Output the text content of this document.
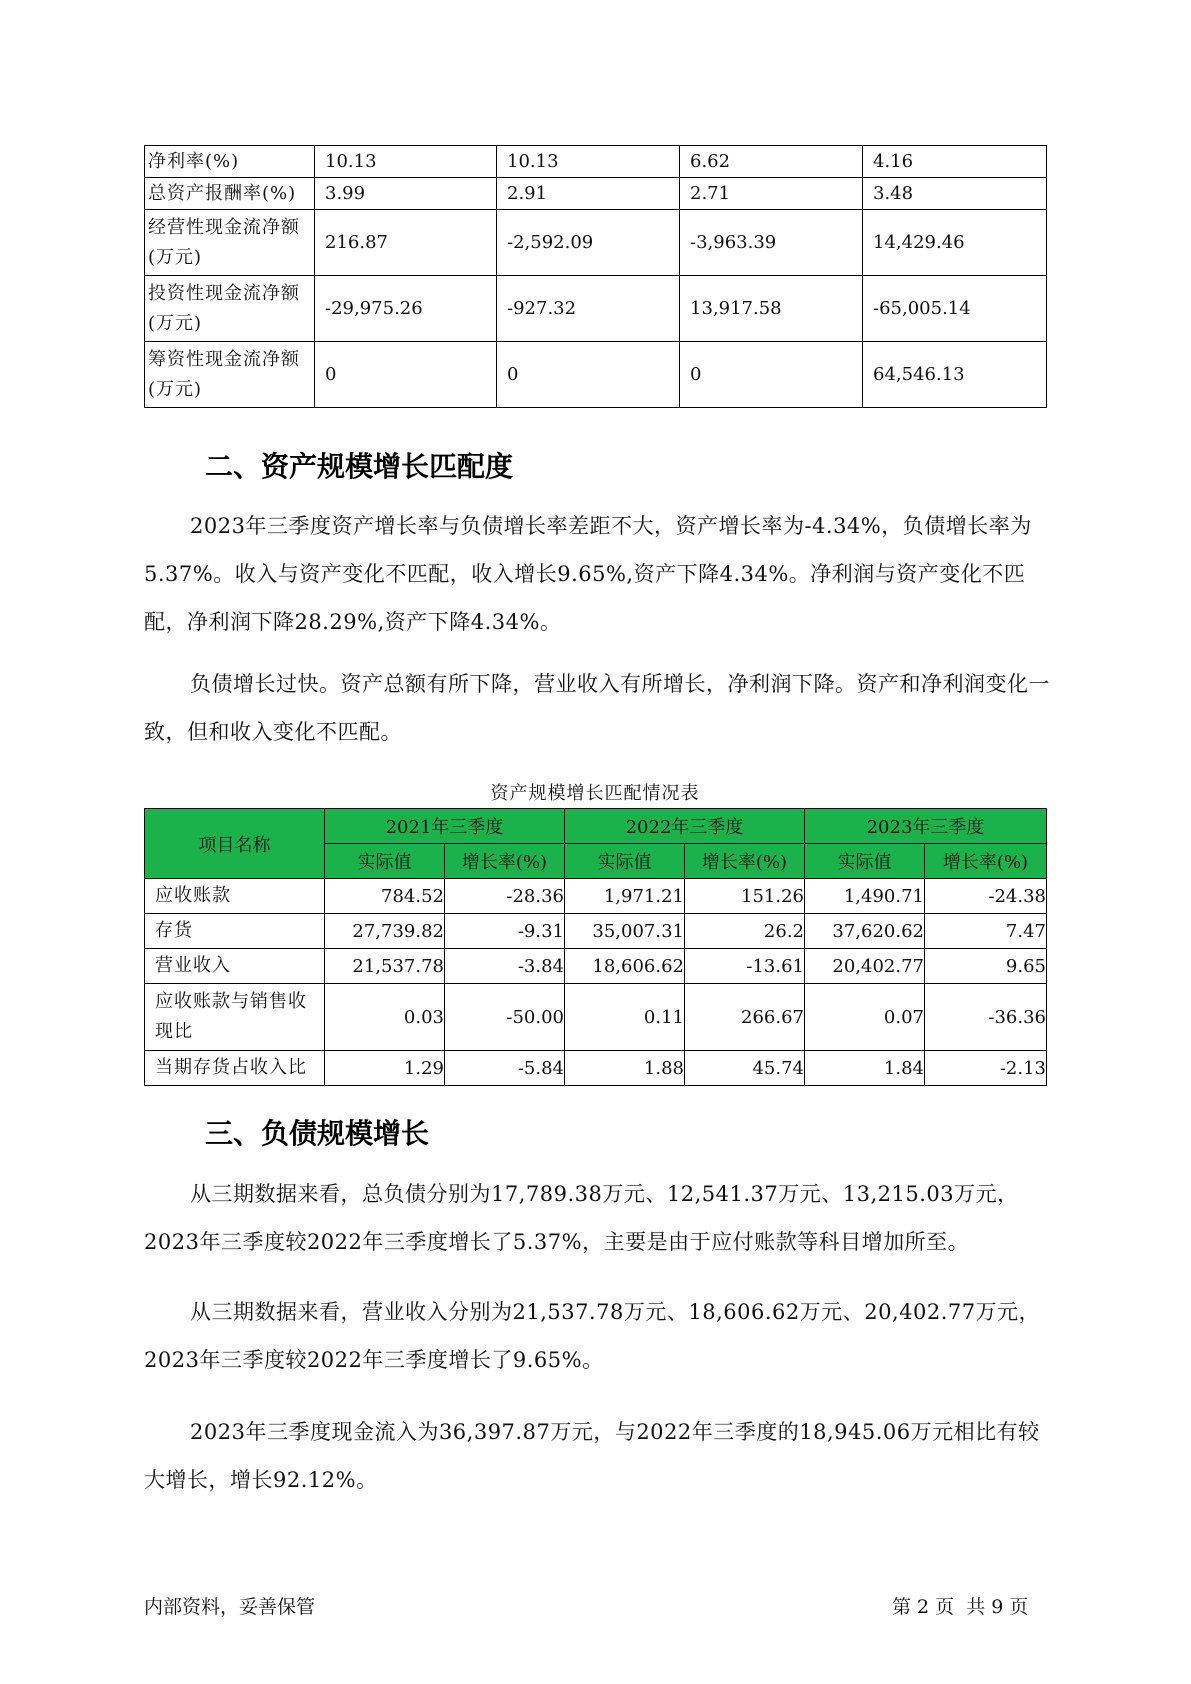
净利率(%)	10.13	10.13	6.62	4.16
总资产报酬率(%)	3.99	2.91	2.71	3.48
经营性现金流净额(万元)	216.87	-2,592.09	-3,963.39	14,429.46
投资性现金流净额(万元)	-29,975.26	-927.32	13,917.58	-65,005.14
筹资性现金流净额(万元)	0	0	0	64,546.13
二、资产规模增长匹配度

2023年三季度资产增长率与负债增长率差距不大，资产增长率为-4.34%，负债增长率为5.37%。收入与资产变化不匹配，收入增长9.65%,资产下降4.34%。净利润与资产变化不匹配，净利润下降28.29%,资产下降4.34%。

负债增长过快。资产总额有所下降，营业收入有所增长，净利润下降。资产和净利润变化一致，但和收入变化不匹配。

资产规模增长匹配情况表
项目名称	2021年三季度		2022年三季度		2023年三季度	
	实际值	增长率(%)	实际值	增长率(%)	实际值	增长率(%)
应收账款	784.52	-28.36	1,971.21	151.26	1,490.71	-24.38
存货	27,739.82	-9.31	35,007.31	26.2	37,620.62	7.47
营业收入	21,537.78	-3.84	18,606.62	-13.61	20,402.77	9.65
应收账款与销售收现比	0.03	-50.00	0.11	266.67	0.07	-36.36
当期存货占收入比	1.29	-5.84	1.88	45.74	1.84	-2.13
三、负债规模增长

从三期数据来看，总负债分别为17,789.38万元、12,541.37万元、13,215.03万元，2023年三季度较2022年三季度增长了5.37%，主要是由于应付账款等科目增加所至。

从三期数据来看，营业收入分别为21,537.78万元、18,606.62万元、20,402.77万元，2023年三季度较2022年三季度增长了9.65%。

2023年三季度现金流入为36,397.87万元，与2022年三季度的18,945.06万元相比有较大增长，增长92.12%。

内部资料，妥善保管	第 2 页  共 9 页
